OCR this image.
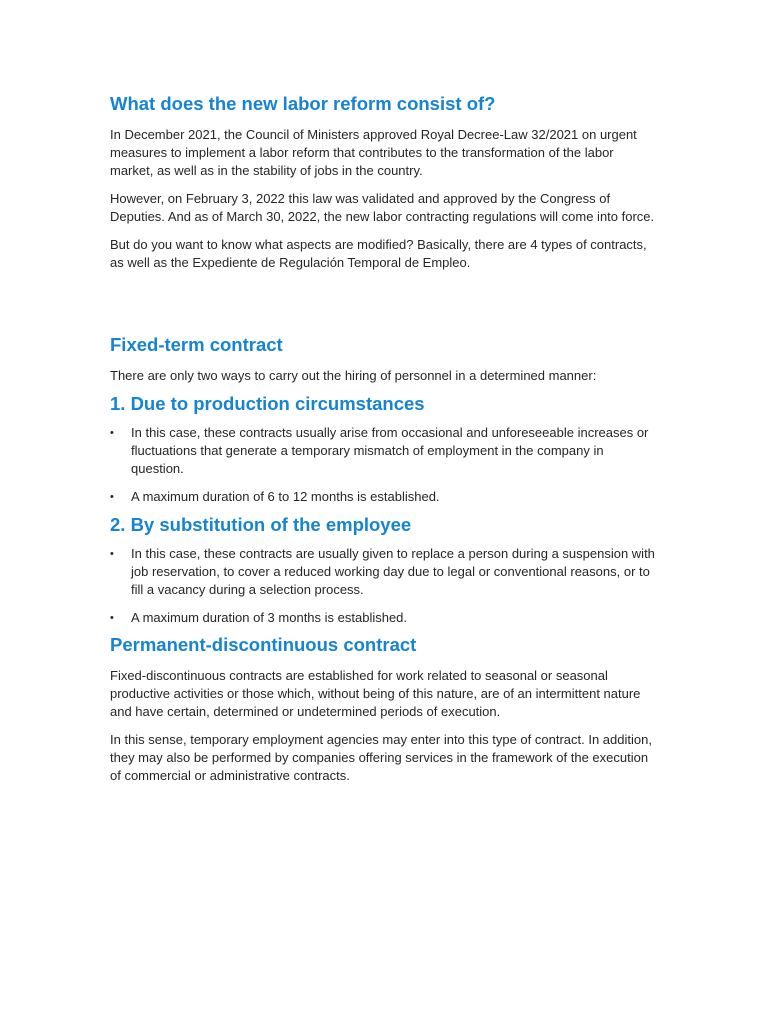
What does the new labor reform consist of?

In December 2021, the Council of Ministers approved Royal Decree-Law 32/2021 on urgent measures to implement a labor reform that contributes to the transformation of the labor market, as well as in the stability of jobs in the country.

However, on February 3, 2022 this law was validated and approved by the Congress of Deputies. And as of March 30, 2022, the new labor contracting regulations will come into force.

But do you want to know what aspects are modified? Basically, there are 4 types of contracts, as well as the Expediente de Regulación Temporal de Empleo.

Fixed-term contract

There are only two ways to carry out the hiring of personnel in a determined manner:

1. Due to production circumstances
•	In this case, these contracts usually arise from occasional and unforeseeable increases or fluctuations that generate a temporary mismatch of employment in the company in question.
•	A maximum duration of 6 to 12 months is established.
2. By substitution of the employee
•	In this case, these contracts are usually given to replace a person during a suspension with job reservation, to cover a reduced working day due to legal or conventional reasons, or to fill a vacancy during a selection process.
•	A maximum duration of 3 months is established.
Permanent-discontinuous contract

Fixed-discontinuous contracts are established for work related to seasonal or seasonal productive activities or those which, without being of this nature, are of an intermittent nature and have certain, determined or undetermined periods of execution.

In this sense, temporary employment agencies may enter into this type of contract. In addition, they may also be performed by companies offering services in the framework of the execution of commercial or administrative contracts.
